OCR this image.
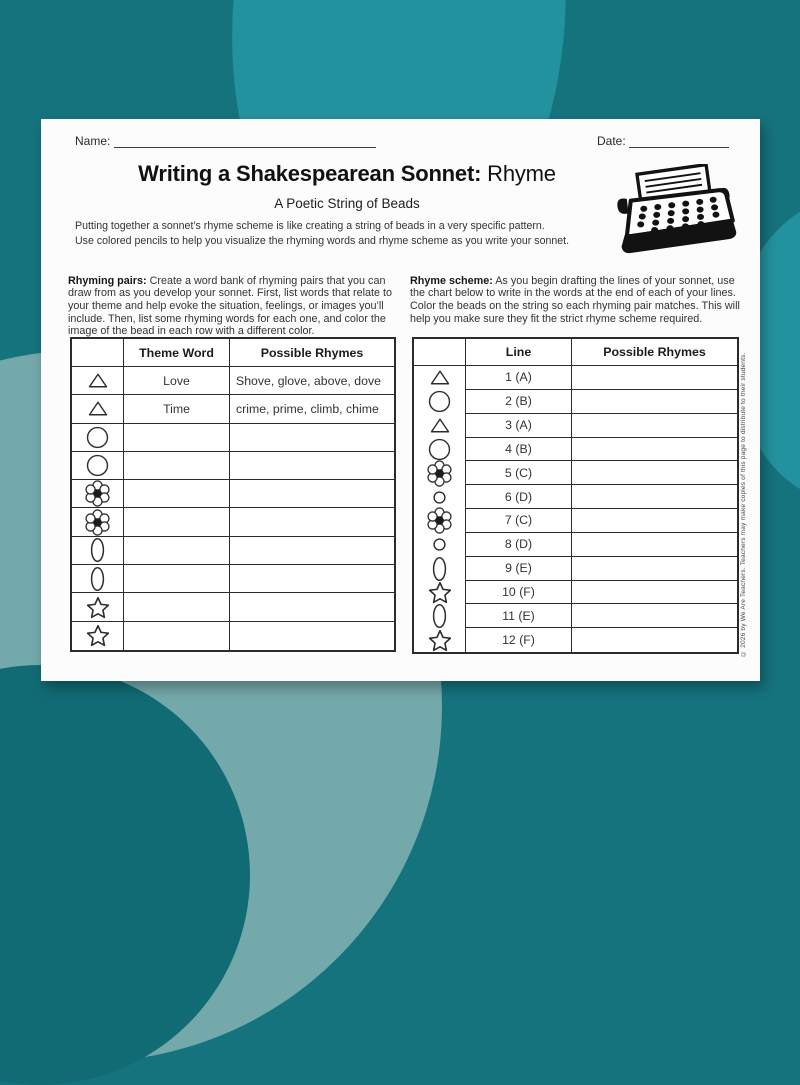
Name:	Date:
Writing a Shakespearean Sonnet: Rhyme
A Poetic String of Beads
Putting together a sonnet’s rhyme scheme is like creating a string of beads in a very specific pattern.
Use colored pencils to help you visualize the rhyming words and rhyme scheme as you write your sonnet.

Rhyming pairs: Create a word bank of rhyming pairs that you can draw from as you develop your sonnet. First, list words that relate to your theme and help evoke the situation, feelings, or images you’ll include. Then, list some rhyming words for each one, and color the image of the bead in each row with a different color.

Rhyme scheme: As you begin drafting the lines of your sonnet, use the chart below to write in the words at the end of each of your lines. Color the beads on the string so each rhyming pair matches. This will help you make sure they fit the strict rhyme scheme required.

Theme Word	Possible Rhymes
Love	Shove, glove, above, dove
Time	crime, prime, climb, chime
Line	Possible Rhymes
1 (A)
2 (B)
3 (A)
4 (B)
5 (C)
6 (D)
7 (C)
8 (D)
9 (E)
10 (F)
11 (E)
12 (F)	© 2026 by We Are Teachers. Teachers may make copies of this page to distribute to their students.
